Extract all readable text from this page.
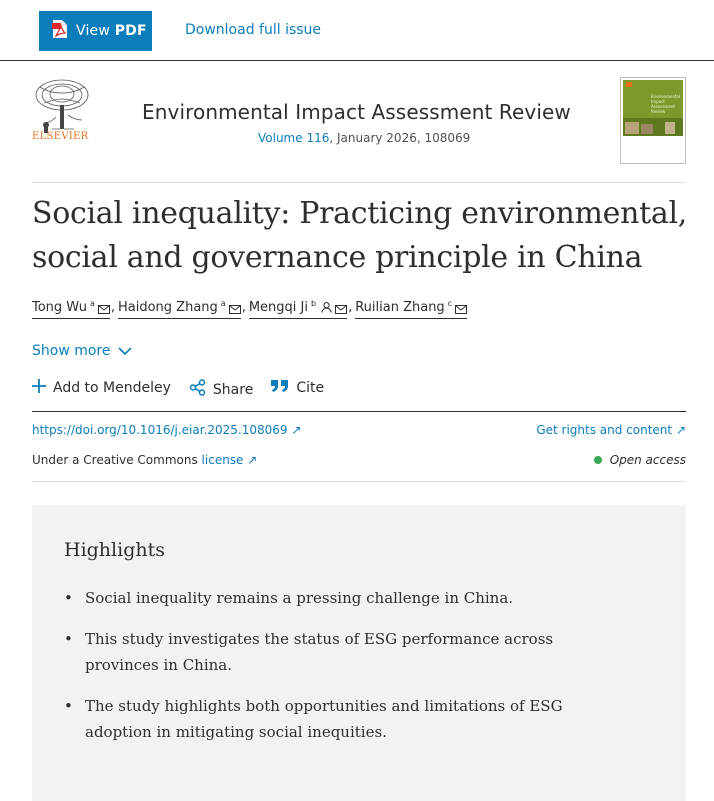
View PDF	Download full issue
ELSEVIER
Environmental Impact Assessment Review
Volume 116, January 2026, 108069
Environmental Impact Assessment Review
Social inequality: Practicing environmental, social and governance principle in China
Tong Wu $^a$ , Haidong Zhang $^a$ , Mengqi Ji $^b$ , Ruilian Zhang $^c$
Show more
Add to Mendeley	Share	Cite
https://doi.org/10.1016/j.eiar.2025.108069 ↗	Get rights and content ↗
Under a Creative Commons license ↗	Open access
Highlights
• Social inequality remains a pressing challenge in China.
• This study investigates the status of ESG performance across provinces in China.
• The study highlights both opportunities and limitations of ESG adoption in mitigating social inequities.
